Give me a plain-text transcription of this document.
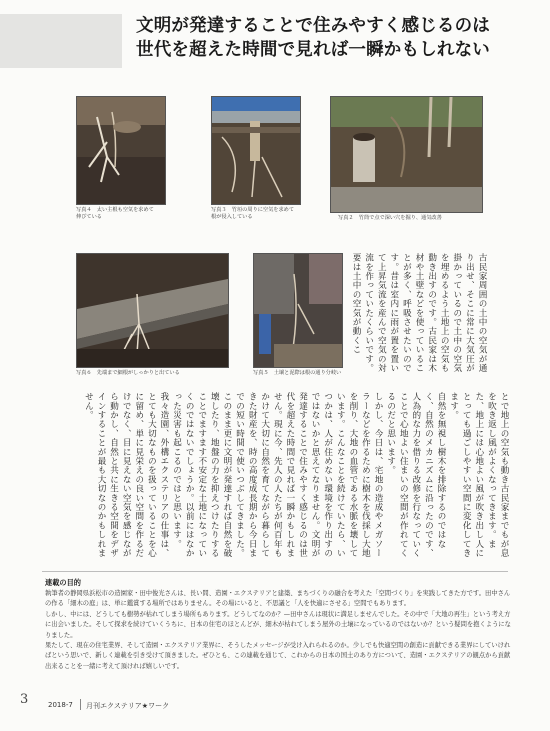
文明が発達することで住みやすく感じるのは
世代を超えた時間で見れば一瞬かもしれない
写真４　太い主根も空気を求めて
伸びている
写真３　竹垣の周りに空気を求めて
根が侵入している	写真２　竹筒で点で深い穴を掘り、通気改善
写真６　先端まで細根がしっかりと出ている	写真５　土壌と泥際は根の通り分岐い

古民家周囲の土中の空気が通り出せ、そこに常に大気圧が掛かっているので土中の空気を埋めるよう土地上の空気も動き出すのです。古民家は木材や土壁などを使っていることが多く、呼吸させたいのです。昔は室内に雨が置を置いて上昇気流を産んで空気の対流を作っていたくらいです。要は土中の空気が動くこ

とで地上の空気も動き古民家までもが息を吹き返し風がよくなってきます。また、地上には心地よい風が吹き出し人にとっても過ごしやすい空間に変化してきます。

自然を無視し樹木を排除するのではなく、自然のメカニズムに沿ったのです、人為的な力を借りる改修を行なっていくことで心地よい住まいの空間が作れてくるのだと思います。

しかし、今日は、宅地の造成やメガソーラーなどを作るために樹木を伐採し大地を削り、大地の血管である水脈を壊しています。こんなことを続けていたら、いつかは、人が住めない環境を作り出すのではないかと思えてなりません。文明が発達することで住みやすく感じるのは世代を超えた時間で見れば一瞬かもしれません。現に今、先人の人たちが何百年もかけて大切に自然を育てながら暮らしてきた財産を、時の高度成長期から今日までの短い時間で使いつぶしてきました。このまま更に文明が発達すれば自然を破壊したり、地盤の力を抑えつけたりすることでますます不安定な土地になっていくのではないでしょうか。以前にはなかった災害も起こるのではと思います。

我々造園、外構エクステリアの仕事は、とても大切なものを扱っていることを心に留め、単に見栄えの良い空間を作るだけでなく、目に見えない空気を感じながら動かし、自然と共に生きる空間をデザインすることが最も大切なのかもしれません。

連載の目的

執筆者の静岡県浜松市の造園家・田中俊光さんは、長い間、造園・エクステリアと建築、まちづくりの融合を考えた「空間づくり」を実践してきた方です。田中さんの作る「細木の庭」は、単に鑑賞する場所ではありません。その場にいると、不思議と「人を快適にさせる」空間でもあります。

しかし、中には、どうしても樹勢が枯れてしまう場所もあります。どうしてなのか？—田中さんは現状に満足しませんでした。その中で「大地の再生」という考え方に出会いました。そして探求を続けていくうちに、日本の住宅のほとんどが、細木が枯れてしまう屋外の土壌になっているのではないか？という疑問を抱くようになりました。

果たして、現在の住宅業界、そして造園・エクステリア業界に、そうしたメッセージが受け入れられるのか。少しでも快適空間の創造に貢献できる業界にしていければという思いで、新しく連載を引き受けて頂きました。ぜひとも、この連載を通じて、これからの日本の国土のあり方について、造園・エクステリアの観点から貢献出来ることを一緒に考えて頂ければ嬉しいです。

3	2018-7 月刊エクステリア★ワーク
